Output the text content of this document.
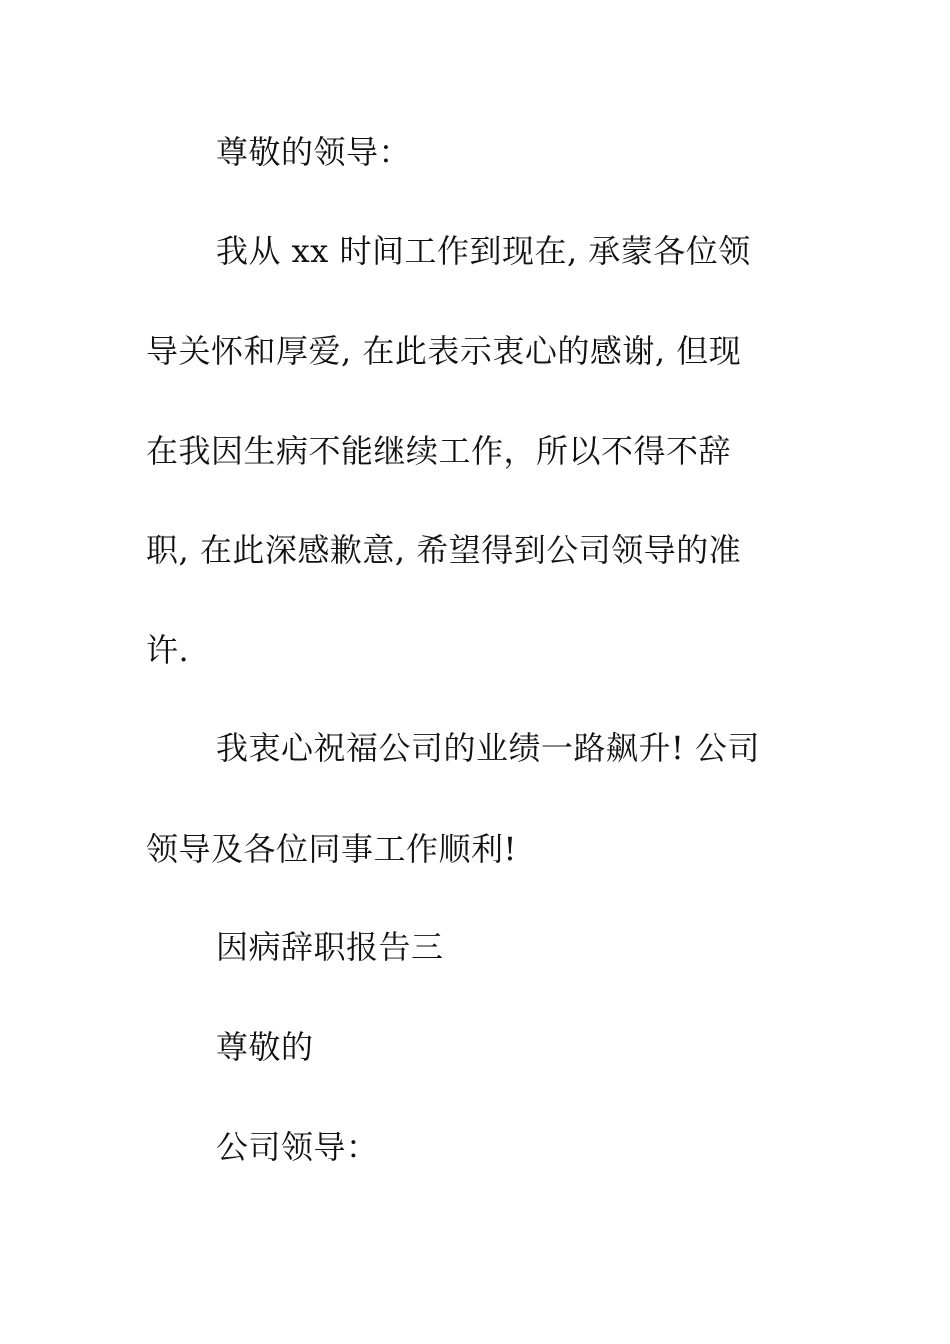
尊敬的领导：
我从 xx 时间工作到现在, 承蒙各位领
导关怀和厚爱, 在此表示衷心的感谢, 但现
在我因生病不能继续工作，所以不得不辞
职, 在此深感歉意, 希望得到公司领导的准
许.
我衷心祝福公司的业绩一路飙升! 公司
领导及各位同事工作顺利!
因病辞职报告三
尊敬的
公司领导：
